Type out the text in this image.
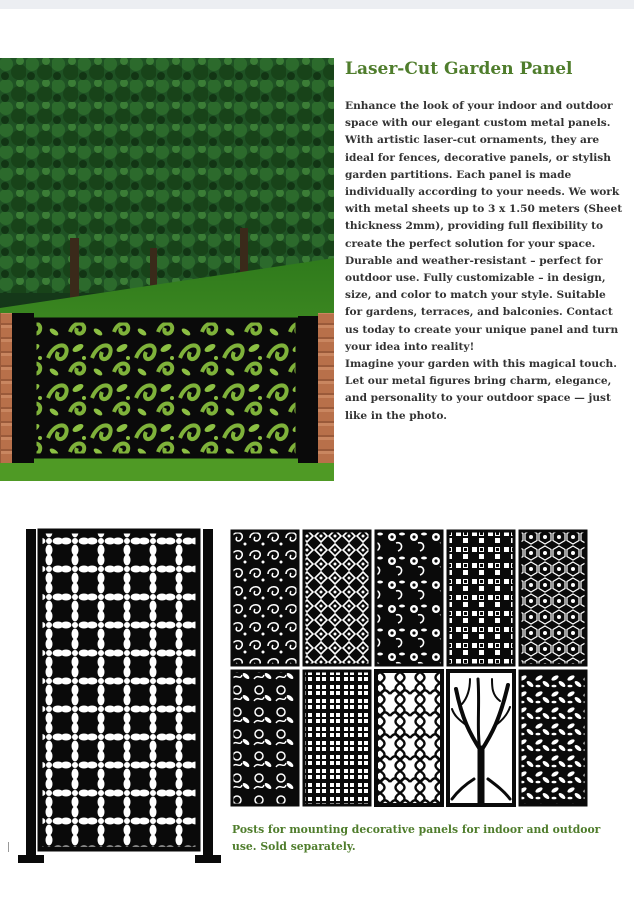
Laser-Cut Garden Panel

Enhance the look of your indoor and outdoor space with our elegant custom metal panels. With artistic laser-cut ornaments, they are ideal for fences, decorative panels, or stylish garden partitions. Each panel is made individually according to your needs. We work with metal sheets up to 3 x 1.50 meters (Sheet thickness 2mm), providing full flexibility to create the perfect solution for your space. Durable and weather-resistant – perfect for outdoor use. Fully customizable – in design, size, and color to match your style. Suitable for gardens, terraces, and balconies. Contact us today to create your unique panel and turn your idea into reality!

Imagine your garden with this magical touch. Let our metal figures bring charm, elegance, and personality to your outdoor space — just like in the photo.

Posts for mounting decorative panels for indoor and outdoor use. Sold separately.
